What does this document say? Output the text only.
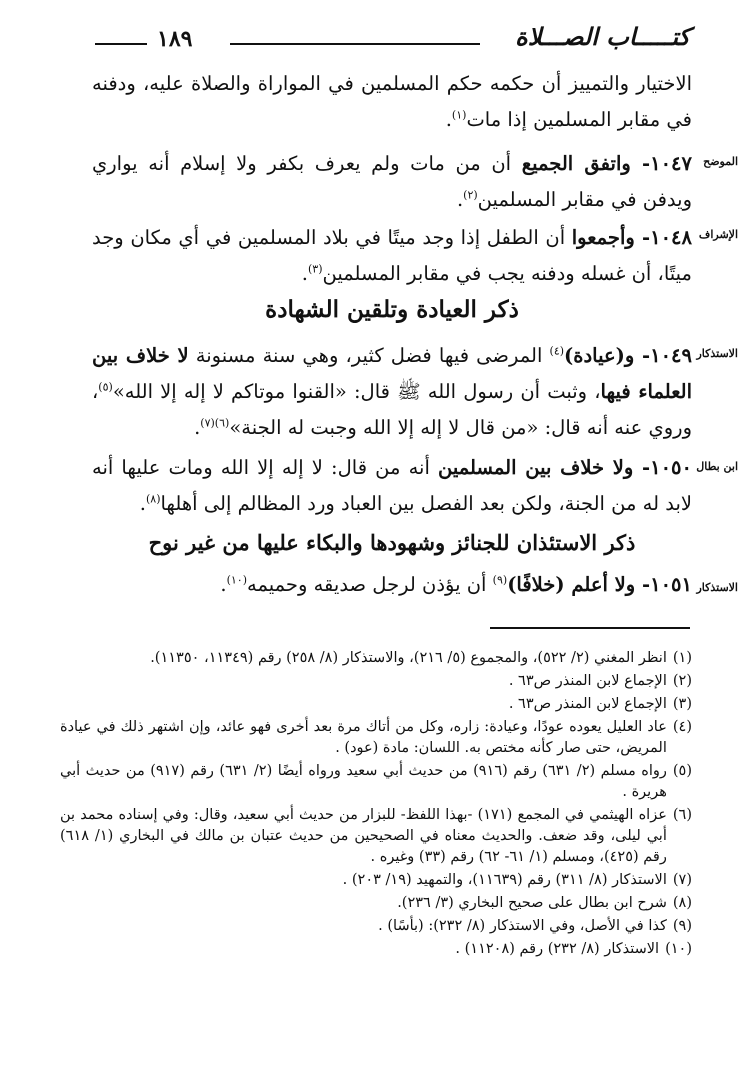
كتـــــاب الصـــلاة
١٨٩

الاختيار والتمييز أن حكمه حكم المسلمين في المواراة والصلاة عليه، ودفنه في مقابر المسلمين إذا مات$^{(١)}$.

١٠٤٧- واتفق الجميع أن من مات ولم يعرف بكفر ولا إسلام أنه يواري ويدفن في مقابر المسلمين$^{(٢)}$.

الموضح

١٠٤٨- وأجمعوا أن الطفل إذا وجد ميتًا في بلاد المسلمين في أي مكان وجد ميتًا، أن غسله ودفنه يجب في مقابر المسلمين$^{(٣)}$.

الإشراف
ذكر العيادة وتلقين الشهادة

١٠٤٩- و(عيادة)$^{(٤)}$ المرضى فيها فضل كثير، وهي سنة مسنونة لا خلاف بين العلماء فيها، وثبت أن رسول الله ﷺ قال: «القنوا موتاكم لا إله إلا الله»$^{(٥)}$، وروي عنه أنه قال: «من قال لا إله إلا الله وجبت له الجنة»$^{(٦)(٧)}$.

الاستذكار

١٠٥٠- ولا خلاف بين المسلمين أنه من قال: لا إله إلا الله ومات عليها أنه لابد له من الجنة، ولكن بعد الفصل بين العباد ورد المظالم إلى أهلها$^{(٨)}$.

ابن بطال
ذكر الاستئذان للجنائز وشهودها والبكاء عليها من غير نوح

١٠٥١- ولا أعلم (خلافًا)$^{(٩)}$ أن يؤذن لرجل صديقه وحميمه$^{(١٠)}$.	الاستذكار
(١)
انظر المغني (٢/ ٥٢٢)، والمجموع (٥/ ٢١٦)، والاستذكار (٨/ ٢٥٨) رقم (١١٣٤٩، ١١٣٥٠).
(٢)
الإجماع لابن المنذر ص٦٣ .
(٣)
الإجماع لابن المنذر ص٦٣ .
(٤)
عاد العليل يعوده عودًا، وعيادة: زاره، وكل من أتاك مرة بعد أخرى فهو عائد، وإن اشتهر ذلك في عيادة المريض، حتى صار كأنه مختص به. اللسان: مادة (عود) .
(٥)
رواه مسلم (٢/ ٦٣١) رقم (٩١٦) من حديث أبي سعيد ورواه أيضًا (٢/ ٦٣١) رقم (٩١٧) من حديث أبي هريرة .
(٦)
عزاه الهيثمي في المجمع (١٧١) -بهذا اللفظ- للبزار من حديث أبي سعيد، وقال: وفي إسناده محمد بن أبي ليلى، وقد ضعف. والحديث معناه في الصحيحين من حديث عتبان بن مالك في البخاري (١/ ٦١٨) رقم (٤٢٥)، ومسلم (١/ ٦١- ٦٢) رقم (٣٣) وغيره .
(٧)
الاستذكار (٨/ ٣١١) رقم (١١٦٣٩)، والتمهيد (١٩/ ٢٠٣) .
(٨)
شرح ابن بطال على صحيح البخاري (٣/ ٢٣٦).
(٩)
كذا في الأصل، وفي الاستذكار (٨/ ٢٣٢): (بأسًا) .
(١٠)
الاستذكار (٨/ ٢٣٢) رقم (١١٢٠٨) .
